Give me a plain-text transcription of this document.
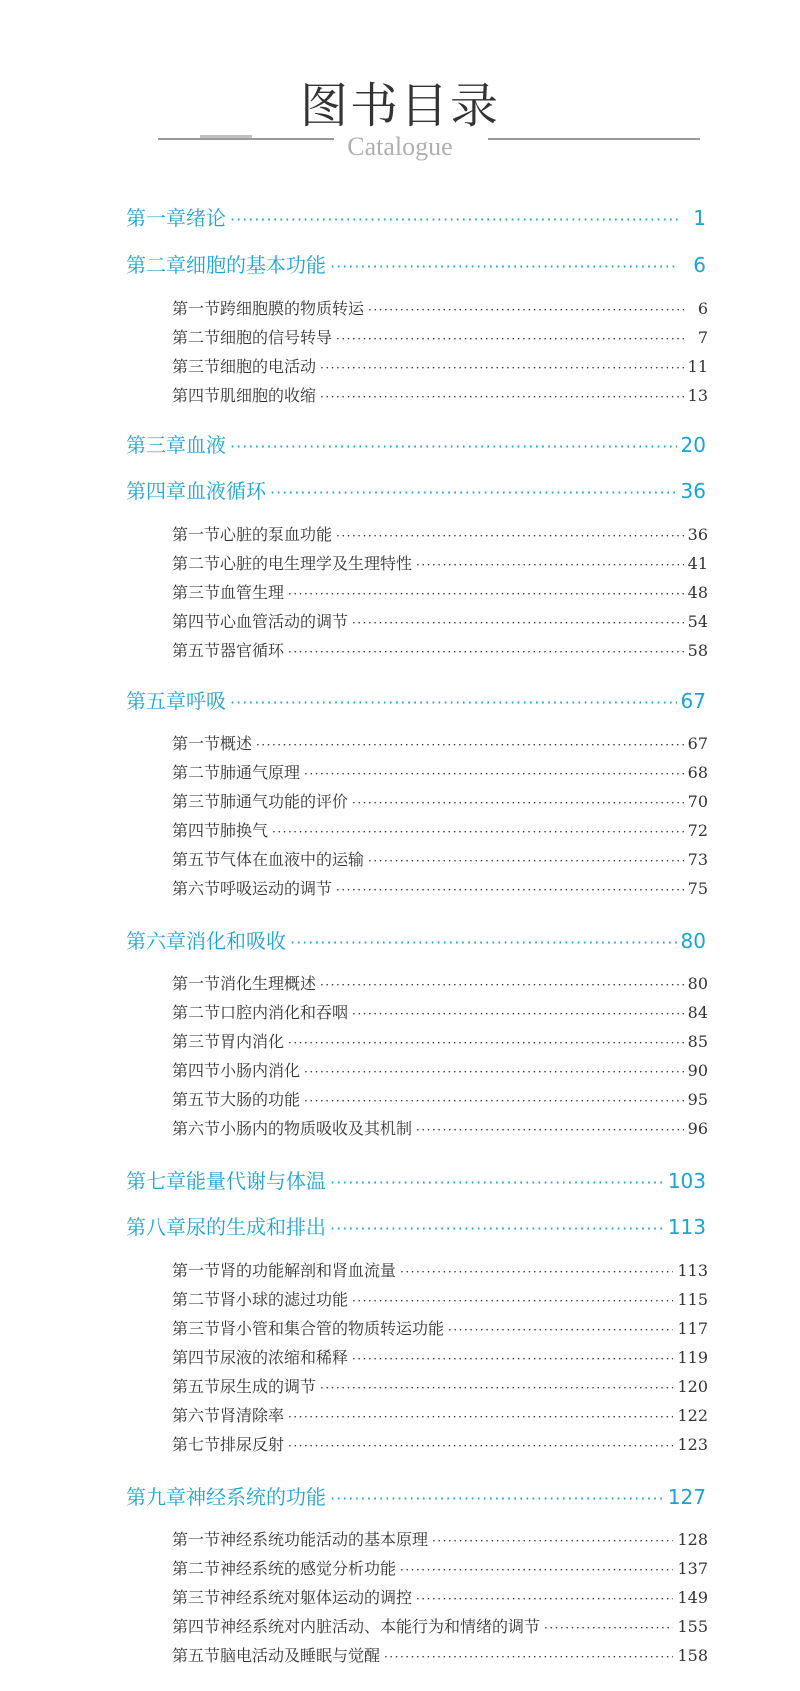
图书目录
Catalogue
第一章 绪论 ·····	1
第二章 细胞的基本功能 ·····	6
第一节 跨细胞膜的物质转运 ·····	6
第二节 细胞的信号转导 ·····	7
第三节 细胞的电活动 ·····	11
第四节 肌细胞的收缩 ·····	13
第三章 血液 ·····	20
第四章 血液循环 ·····	36
第一节 心脏的泵血功能 ·····	36
第二节 心脏的电生理学及生理特性 ·····	41
第三节 血管生理 ·····	48
第四节 心血管活动的调节 ·····	54
第五节 器官循环 ·····	58
第五章 呼吸 ·····	67
第一节 概述 ·····	67
第二节 肺通气原理 ·····	68
第三节 肺通气功能的评价 ·····	70
第四节 肺换气 ·····	72
第五节 气体在血液中的运输 ·····	73
第六节 呼吸运动的调节 ·····	75
第六章 消化和吸收 ·····	80
第一节 消化生理概述 ·····	80
第二节 口腔内消化和吞咽 ·····	84
第三节 胃内消化 ·····	85
第四节 小肠内消化 ·····	90
第五节 大肠的功能 ·····	95
第六节 小肠内的物质吸收及其机制 ·····	96
第七章 能量代谢与体温 ·····	103
第八章 尿的生成和排出 ·····	113
第一节 肾的功能解剖和肾血流量 ·····	113
第二节 肾小球的滤过功能 ·····	115
第三节 肾小管和集合管的物质转运功能 ·····	117
第四节 尿液的浓缩和稀释 ·····	119
第五节 尿生成的调节 ·····	120
第六节 肾清除率 ·····	122
第七节 排尿反射 ·····	123
第九章 神经系统的功能 ·····	127
第一节 神经系统功能活动的基本原理 ·····	128
第二节 神经系统的感觉分析功能 ·····	137
第三节 神经系统对躯体运动的调控 ·····	149
第四节 神经系统对内脏活动、本能行为和情绪的调节 ·····	155
第五节 脑电活动及睡眠与觉醒 ·····	158
